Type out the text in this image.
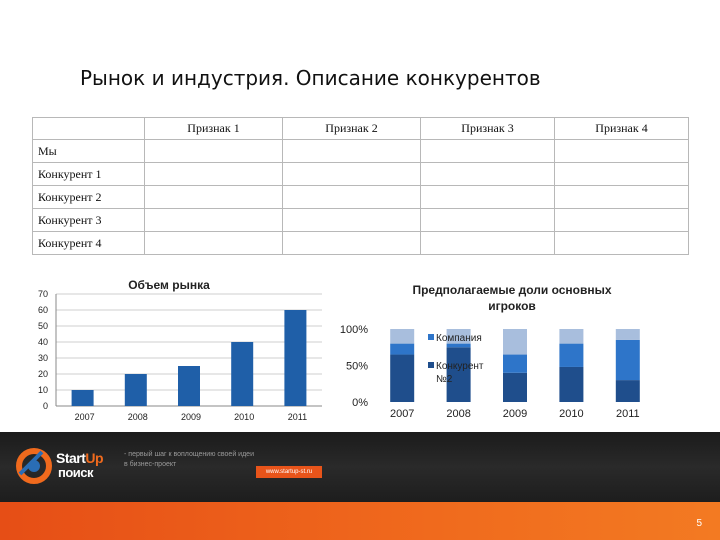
Рынок и индустрия. Описание конкурентов
	Признак 1	Признак 2	Признак 3	Признак 4
Мы				
Конкурент 1				
Конкурент 2				
Конкурент 3				
Конкурент 4				
Объем рынка
0
10
20
30
40
50
60
70
2007	2008	2009	2010	2011
Предполагаемые доли основных
игроков
0%
50%
100%
2007	2008	2009	2010	2011
Компания
Конкурент
№2
StartUp
поиск
- первый шаг к воплощению своей идеи в бизнес-проект
www.startup-st.ru
5
